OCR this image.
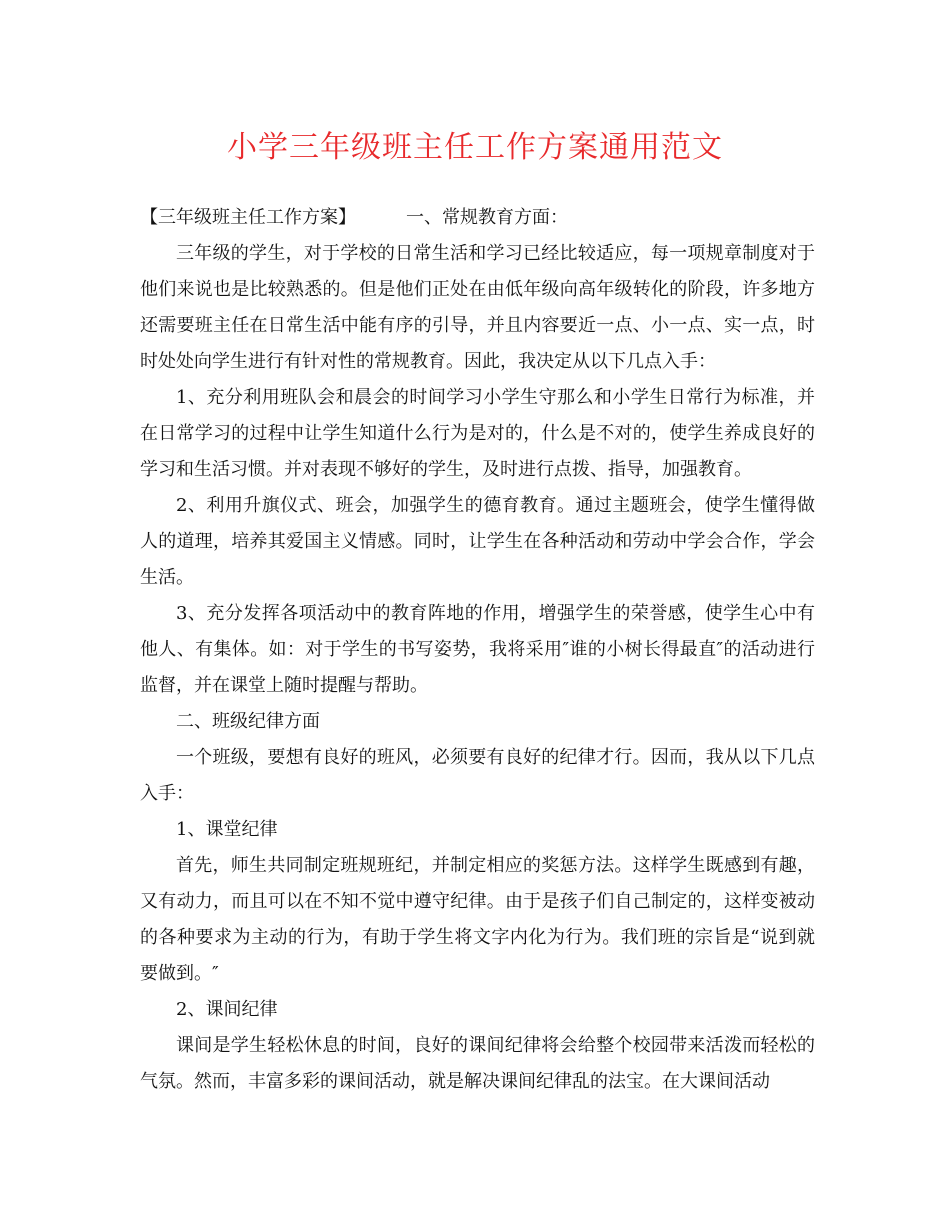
小学三年级班主任工作方案通用范文

【三年级班主任工作方案】	一、常规教育方面：

三年级的学生，对于学校的日常生活和学习已经比较适应，每一项规章制度对于他们来说也是比较熟悉的。但是他们正处在由低年级向高年级转化的阶段，许多地方还需要班主任在日常生活中能有序的引导，并且内容要近一点、小一点、实一点，时时处处向学生进行有针对性的常规教育。因此，我决定从以下几点入手：

1、充分利用班队会和晨会的时间学习小学生守那么和小学生日常行为标准，并在日常学习的过程中让学生知道什么行为是对的，什么是不对的，使学生养成良好的学习和生活习惯。并对表现不够好的学生，及时进行点拨、指导，加强教育。

2、利用升旗仪式、班会，加强学生的德育教育。通过主题班会，使学生懂得做人的道理，培养其爱国主义情感。同时，让学生在各种活动和劳动中学会合作，学会生活。

3、充分发挥各项活动中的教育阵地的作用，增强学生的荣誉感，使学生心中有他人、有集体。如：对于学生的书写姿势，我将采用″谁的小树长得最直″的活动进行监督，并在课堂上随时提醒与帮助。

二、班级纪律方面

一个班级，要想有良好的班风，必须要有良好的纪律才行。因而，我从以下几点入手：

1、课堂纪律

首先，师生共同制定班规班纪，并制定相应的奖惩方法。这样学生既感到有趣，又有动力，而且可以在不知不觉中遵守纪律。由于是孩子们自己制定的，这样变被动的各种要求为主动的行为，有助于学生将文字内化为行为。我们班的宗旨是“说到就要做到。″

2、课间纪律

课间是学生轻松休息的时间，良好的课间纪律将会给整个校园带来活泼而轻松的气氛。然而，丰富多彩的课间活动，就是解决课间纪律乱的法宝。在大课间活动
